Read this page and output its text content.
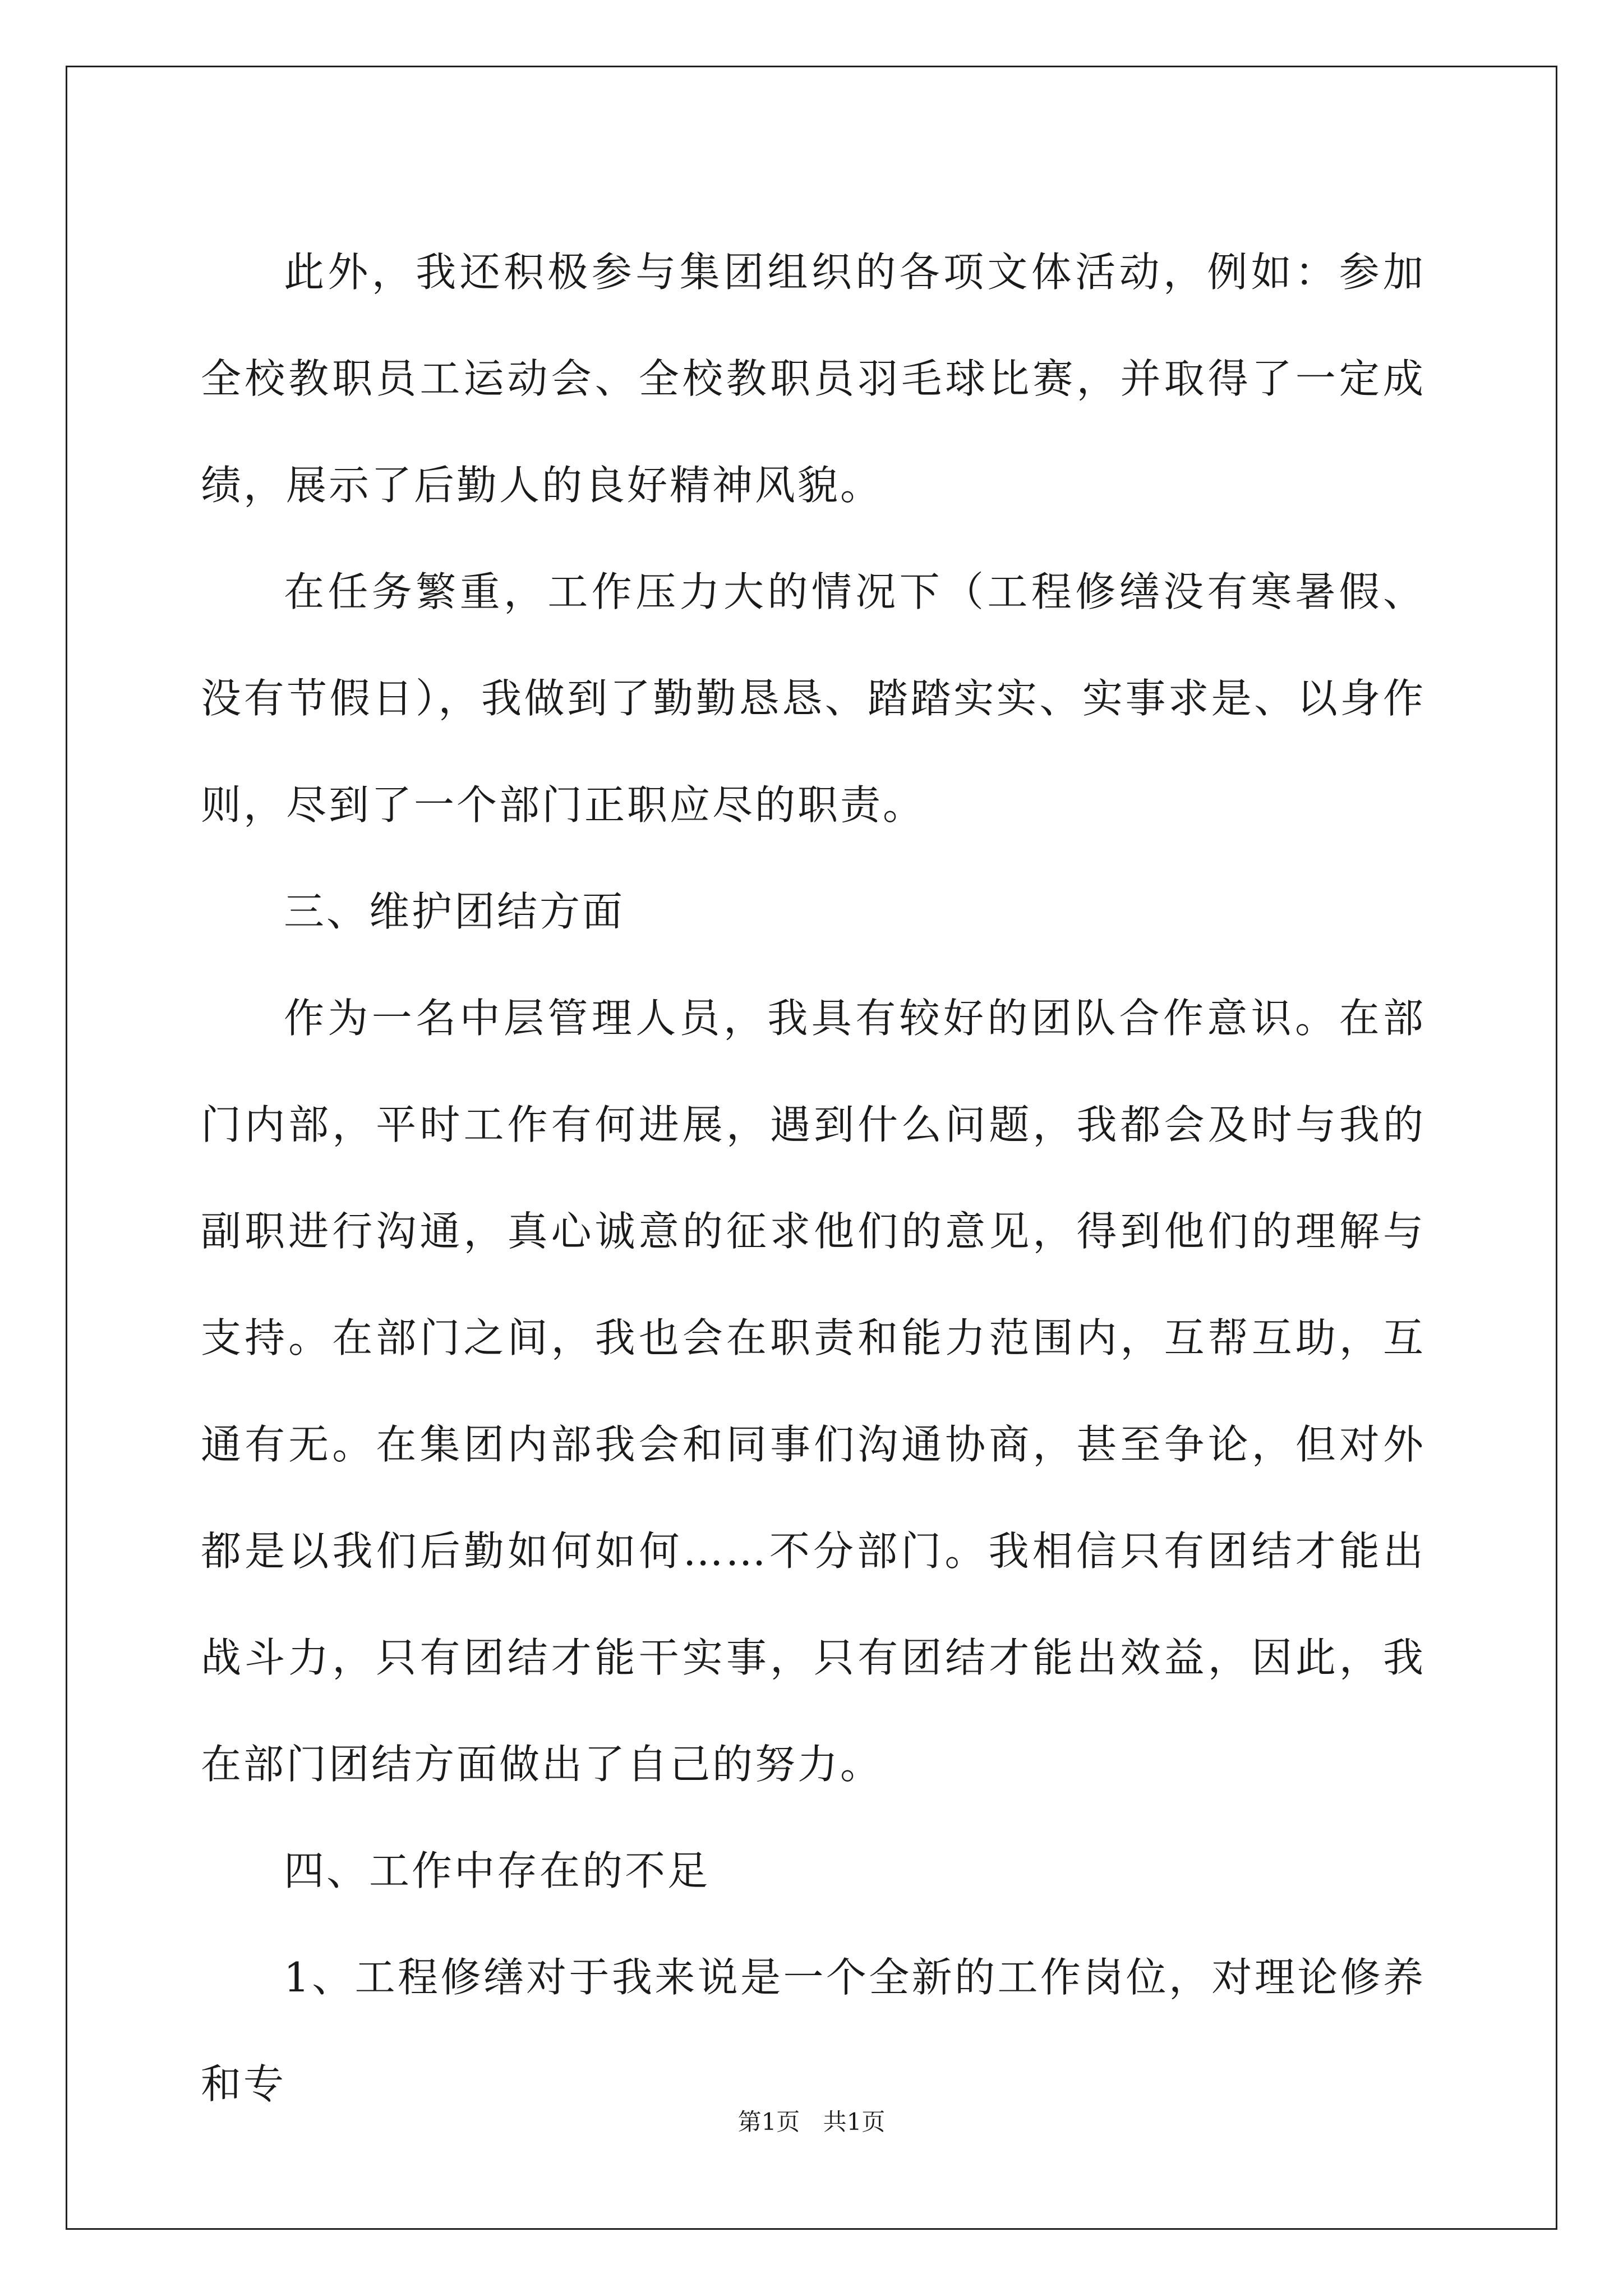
此外，我还积极参与集团组织的各项文体活动，例如：参加全校教职员工运动会、全校教职员羽毛球比赛，并取得了一定成绩，展示了后勤人的良好精神风貌。

在任务繁重，工作压力大的情况下（工程修缮没有寒暑假、没有节假日），我做到了勤勤恳恳、踏踏实实、实事求是、以身作则，尽到了一个部门正职应尽的职责。

三、维护团结方面

作为一名中层管理人员，我具有较好的团队合作意识。在部门内部，平时工作有何进展，遇到什么问题，我都会及时与我的副职进行沟通，真心诚意的征求他们的意见，得到他们的理解与支持。在部门之间，我也会在职责和能力范围内，互帮互助，互通有无。在集团内部我会和同事们沟通协商，甚至争论，但对外都是以我们后勤如何如何……不分部门。我相信只有团结才能出战斗力，只有团结才能干实事，只有团结才能出效益，因此，我在部门团结方面做出了自己的努力。

四、工作中存在的不足

1、工程修缮对于我来说是一个全新的工作岗位，对理论修养和专

第1页 共1页
